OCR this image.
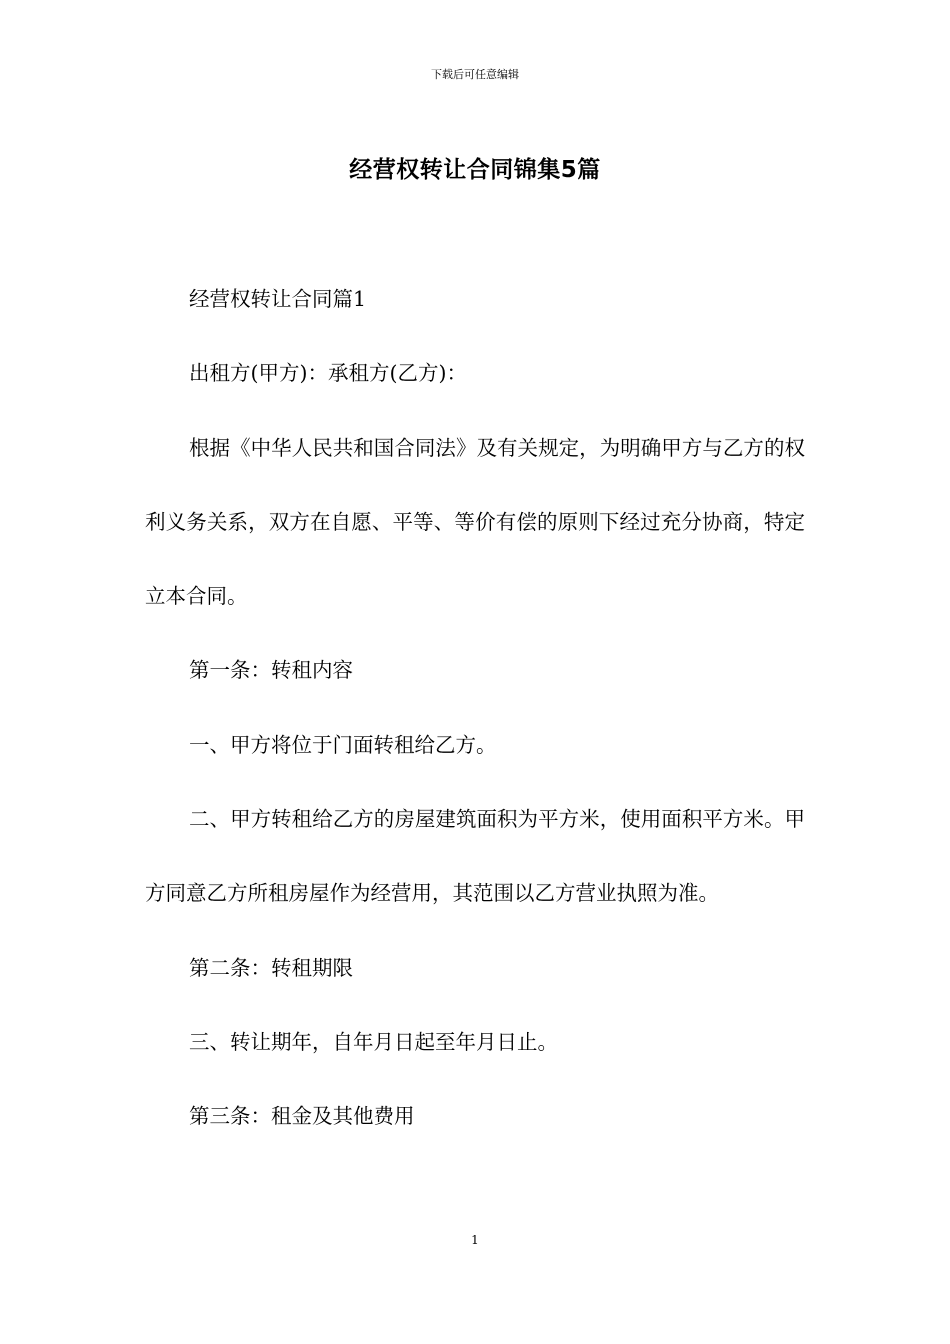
下载后可任意编辑
经营权转让合同锦集5篇

经营权转让合同篇1

出租方(甲方)：承租方(乙方)：

根据《中华人民共和国合同法》及有关规定，为明确甲方与乙方的权利义务关系，双方在自愿、平等、等价有偿的原则下经过充分协商，特定立本合同。

第一条：转租内容

一、甲方将位于门面转租给乙方。

二、甲方转租给乙方的房屋建筑面积为平方米，使用面积平方米。甲方同意乙方所租房屋作为经营用，其范围以乙方营业执照为准。

第二条：转租期限

三、转让期年，自年月日起至年月日止。

第三条：租金及其他费用

1
